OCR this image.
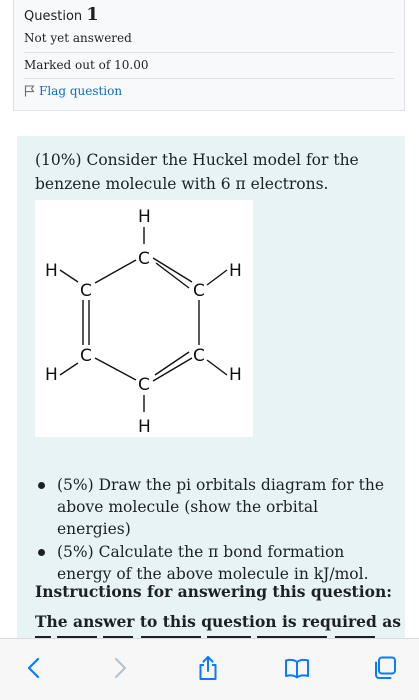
Question 1
Not yet answered
Marked out of 10.00
Flag question
(10%) Consider the Huckel model for the benzene molecule with 6 π electrons.
H
C
C
H
C
H
C
H
C
H
C
H
(5%) Draw the pi orbitals diagram for the above molecule (show the orbital energies)
(5%) Calculate the π bond formation energy of the above molecule in kJ/mol.
Instructions for answering this question:
The answer to this question is required as
